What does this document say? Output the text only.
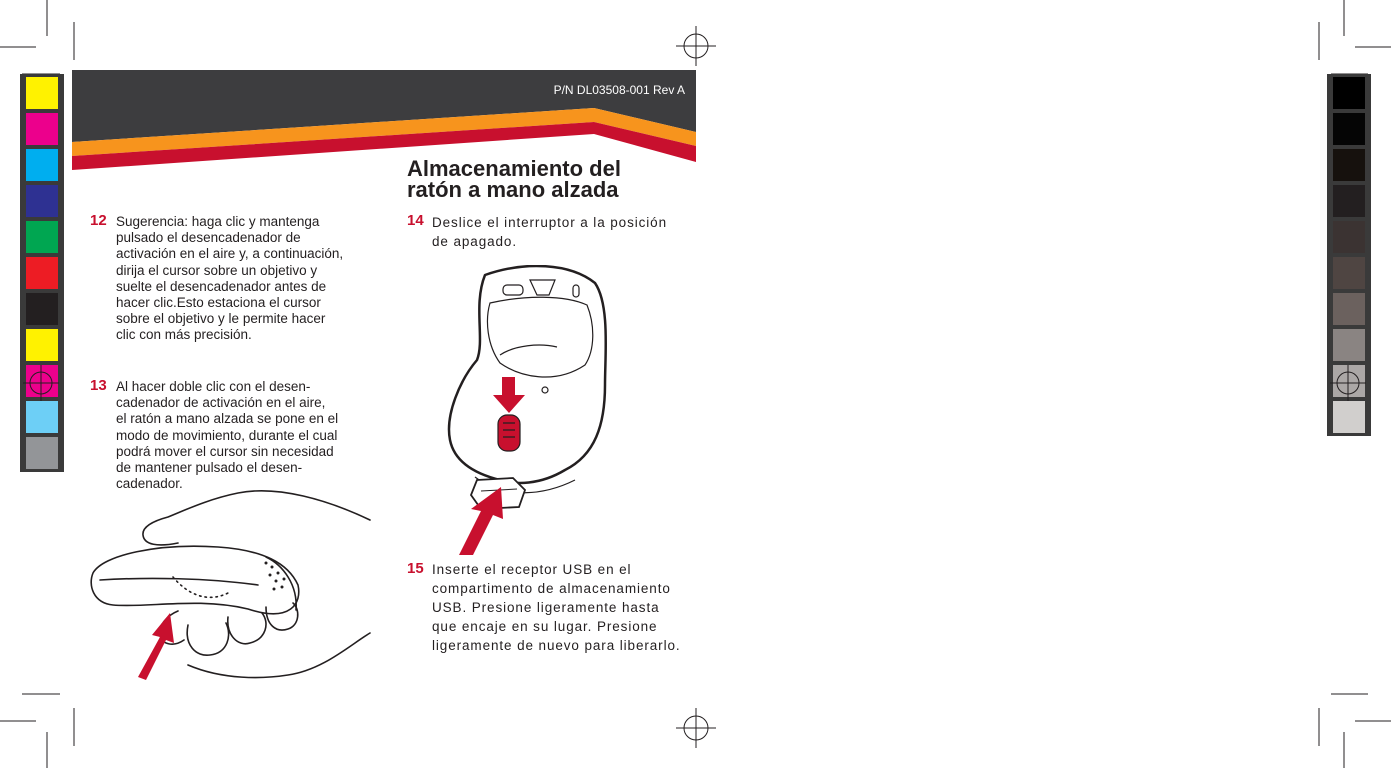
P/N DL03508-001 Rev A
Almacenamiento del
ratón a mano alzada
12 Sugerencia: haga clic y mantenga
pulsado el desencadenador de
activación en el aire y, a continuación,
dirija el cursor sobre un objetivo y
suelte el desencadenador antes de
hacer clic.Esto estaciona el cursor
sobre el objetivo y le permite hacer
clic con más precisión.
13 Al hacer doble clic con el desen-
cadenador de activación en el aire,
el ratón a mano alzada se pone en el
modo de movimiento, durante el cual
podrá mover el cursor sin necesidad
de mantener pulsado el desen-
cadenador.
14 Deslice el interruptor a la posición
de apagado.
15 Inserte el receptor USB en el
compartimento de almacenamiento
USB. Presione ligeramente hasta
que encaje en su lugar. Presione
ligeramente de nuevo para liberarlo.
